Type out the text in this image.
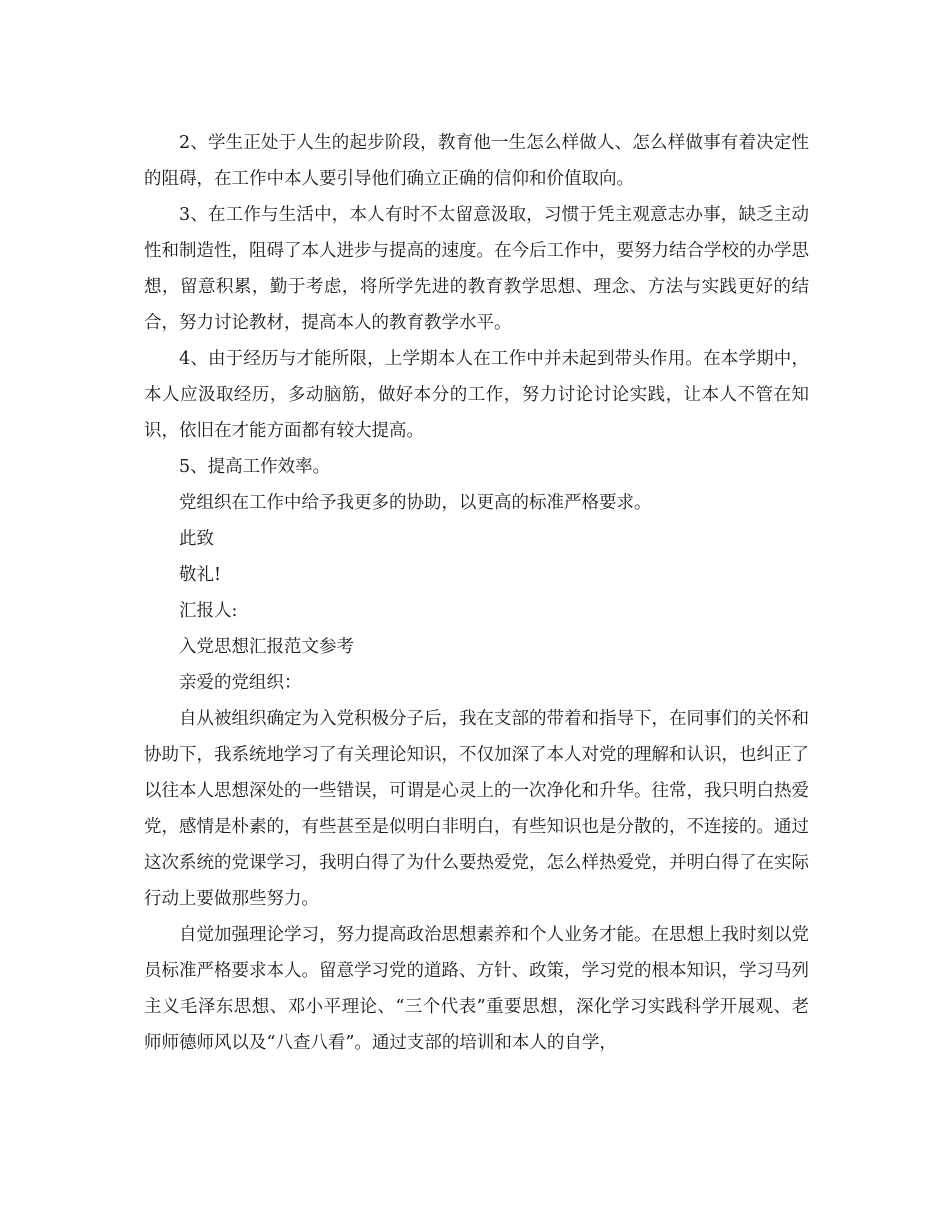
2、学生正处于人生的起步阶段，教育他一生怎么样做人、怎么样做事有着决定性的阻碍，在工作中本人要引导他们确立正确的信仰和价值取向。

3、在工作与生活中，本人有时不太留意汲取，习惯于凭主观意志办事，缺乏主动性和制造性，阻碍了本人进步与提高的速度。在今后工作中，要努力结合学校的办学思想，留意积累，勤于考虑，将所学先进的教育教学思想、理念、方法与实践更好的结合，努力讨论教材，提高本人的教育教学水平。

4、由于经历与才能所限，上学期本人在工作中并未起到带头作用。在本学期中，本人应汲取经历，多动脑筋，做好本分的工作，努力讨论讨论实践，让本人不管在知识，依旧在才能方面都有较大提高。

5、提高工作效率。

党组织在工作中给予我更多的协助，以更高的标准严格要求。

此致

敬礼!

汇报人:

入党思想汇报范文参考

亲爱的党组织：

自从被组织确定为入党积极分子后，我在支部的带着和指导下，在同事们的关怀和协助下，我系统地学习了有关理论知识，不仅加深了本人对党的理解和认识，也纠正了以往本人思想深处的一些错误，可谓是心灵上的一次净化和升华。往常，我只明白热爱党，感情是朴素的，有些甚至是似明白非明白，有些知识也是分散的，不连接的。通过这次系统的党课学习，我明白得了为什么要热爱党，怎么样热爱党，并明白得了在实际行动上要做那些努力。

自觉加强理论学习，努力提高政治思想素养和个人业务才能。在思想上我时刻以党员标准严格要求本人。留意学习党的道路、方针、政策，学习党的根本知识，学习马列主义毛泽东思想、邓小平理论、“三个代表”重要思想，深化学习实践科学开展观、老师师德师风以及“八查八看”。通过支部的培训和本人的自学，
